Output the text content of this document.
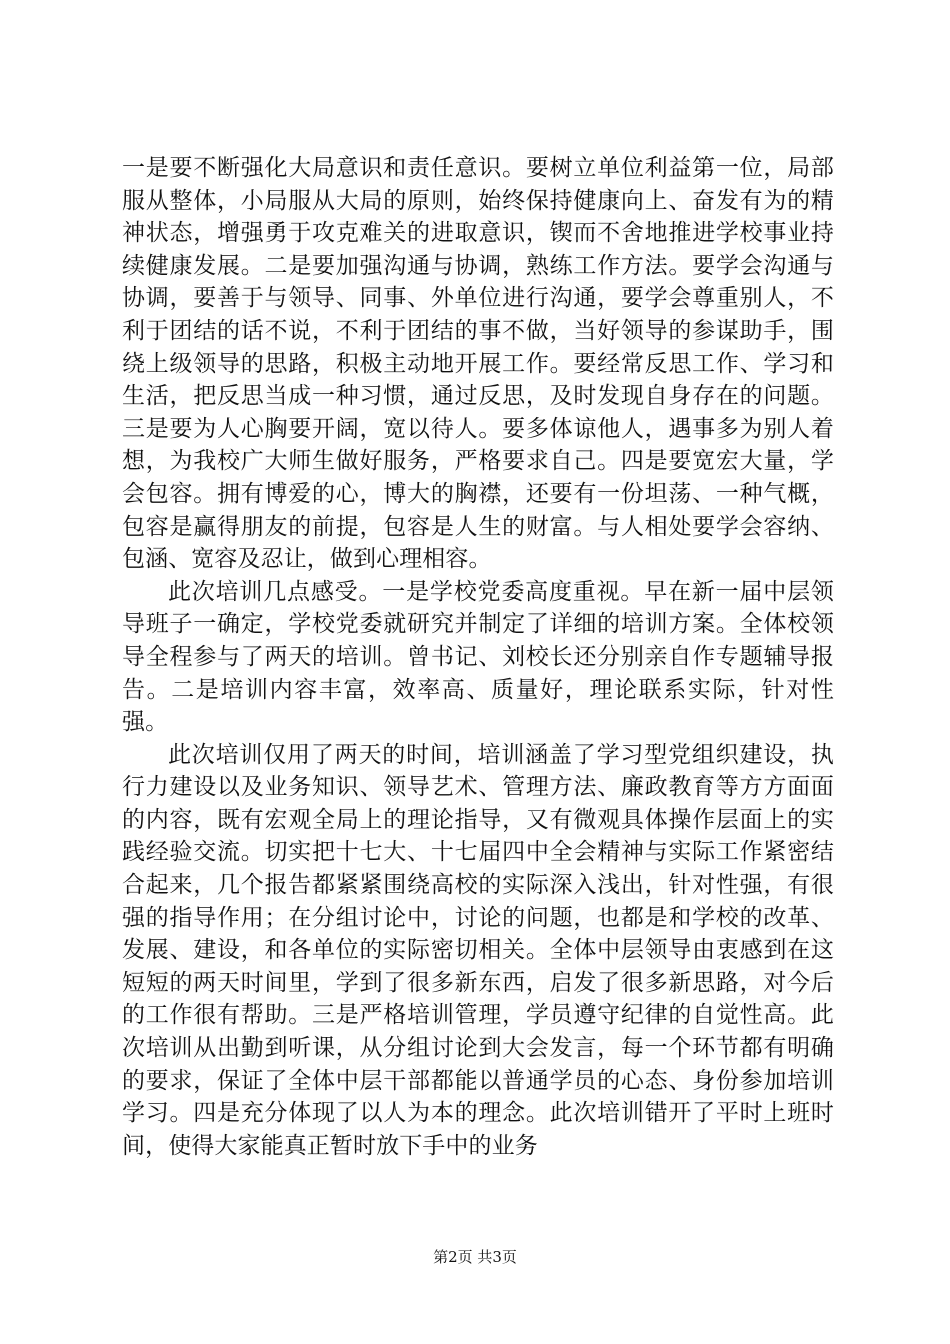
一是要不断强化大局意识和责任意识。要树立单位利益第一位，局部服从整体，小局服从大局的原则，始终保持健康向上、奋发有为的精神状态，增强勇于攻克难关的进取意识，锲而不舍地推进学校事业持续健康发展。二是要加强沟通与协调，熟练工作方法。要学会沟通与协调，要善于与领导、同事、外单位进行沟通，要学会尊重别人，不利于团结的话不说，不利于团结的事不做，当好领导的参谋助手，围绕上级领导的思路，积极主动地开展工作。要经常反思工作、学习和生活，把反思当成一种习惯，通过反思，及时发现自身存在的问题。三是要为人心胸要开阔，宽以待人。要多体谅他人，遇事多为别人着想，为我校广大师生做好服务，严格要求自己。四是要宽宏大量，学会包容。拥有博爱的心，博大的胸襟，还要有一份坦荡、一种气概，包容是赢得朋友的前提，包容是人生的财富。与人相处要学会容纳、包涵、宽容及忍让，做到心理相容。

此次培训几点感受。一是学校党委高度重视。早在新一届中层领导班子一确定，学校党委就研究并制定了详细的培训方案。全体校领导全程参与了两天的培训。曾书记、刘校长还分别亲自作专题辅导报告。二是培训内容丰富，效率高、质量好，理论联系实际，针对性强。

此次培训仅用了两天的时间，培训涵盖了学习型党组织建设，执行力建设以及业务知识、领导艺术、管理方法、廉政教育等方方面面的内容，既有宏观全局上的理论指导，又有微观具体操作层面上的实践经验交流。切实把十七大、十七届四中全会精神与实际工作紧密结合起来，几个报告都紧紧围绕高校的实际深入浅出，针对性强，有很强的指导作用；在分组讨论中，讨论的问题，也都是和学校的改革、发展、建设，和各单位的实际密切相关。全体中层领导由衷感到在这短短的两天时间里，学到了很多新东西，启发了很多新思路，对今后的工作很有帮助。三是严格培训管理，学员遵守纪律的自觉性高。此次培训从出勤到听课，从分组讨论到大会发言，每一个环节都有明确的要求，保证了全体中层干部都能以普通学员的心态、身份参加培训学习。四是充分体现了以人为本的理念。此次培训错开了平时上班时间，使得大家能真正暂时放下手中的业务

第2页 共3页
